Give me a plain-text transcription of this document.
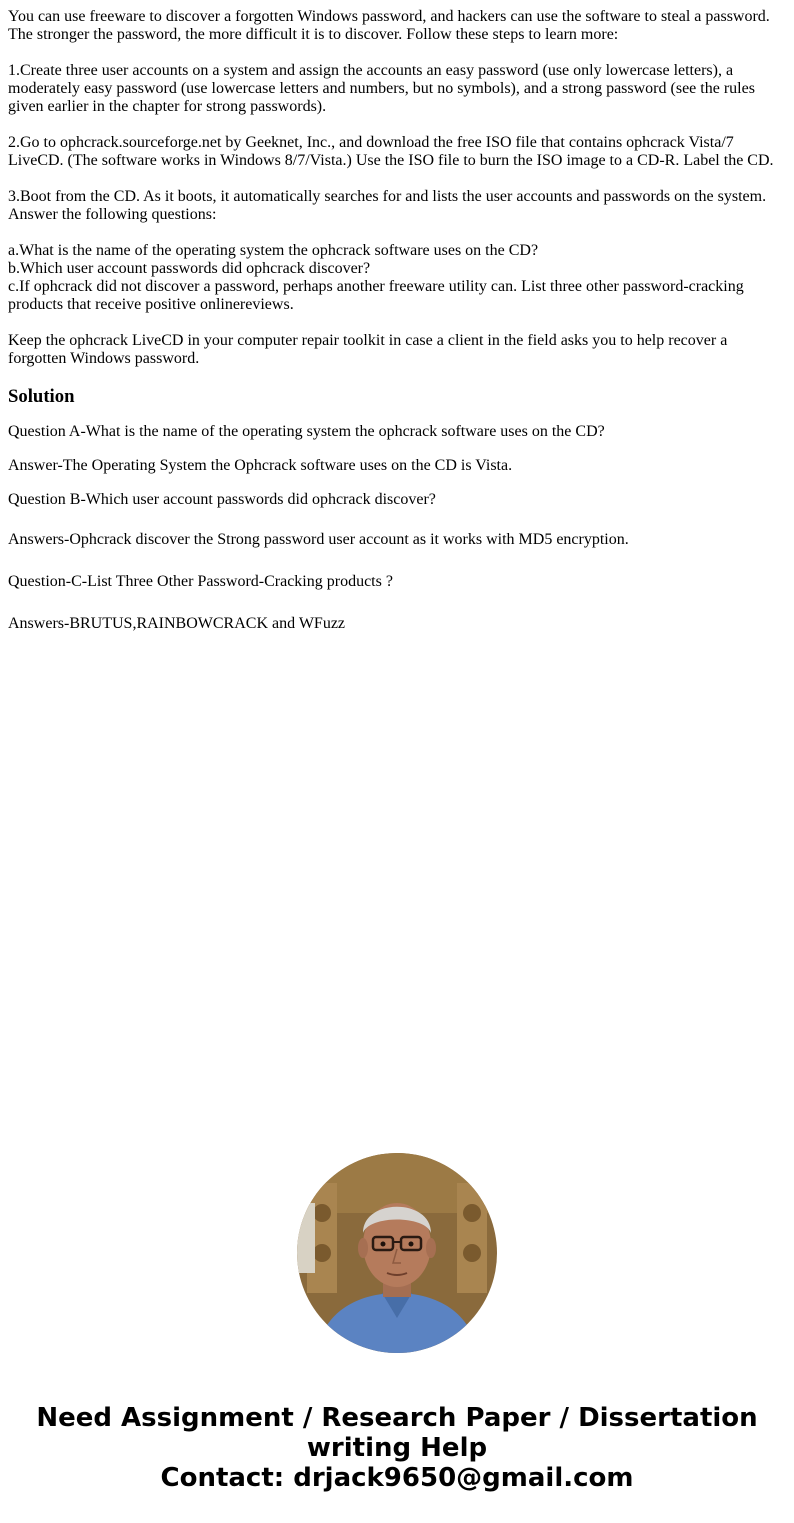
You can use freeware to discover a forgotten Windows password, and hackers can use the software to steal a password. The stronger the password, the more difficult it is to discover. Follow these steps to learn more:

1.Create three user accounts on a system and assign the accounts an easy password (use only lowercase letters), a moderately easy password (use lowercase letters and numbers, but no symbols), and a strong password (see the rules given earlier in the chapter for strong passwords).

2.Go to ophcrack.sourceforge.net by Geeknet, Inc., and download the free ISO file that contains ophcrack Vista/7 LiveCD. (The software works in Windows 8/7/Vista.) Use the ISO file to burn the ISO image to a CD-R. Label the CD.

3.Boot from the CD. As it boots, it automatically searches for and lists the user accounts and passwords on the system. Answer the following questions:

a.What is the name of the operating system the ophcrack software uses on the CD?
b.Which user account passwords did ophcrack discover?
c.If ophcrack did not discover a password, perhaps another freeware utility can. List three other password-cracking products that receive positive onlinereviews.

Keep the ophcrack LiveCD in your computer repair toolkit in case a client in the field asks you to help recover a forgotten Windows password.

Solution

Question A-What is the name of the operating system the ophcrack software uses on the CD?

Answer-The Operating System the Ophcrack software uses on the CD is Vista.

Question B-Which user account passwords did ophcrack discover?

Answers-Ophcrack discover the Strong password user account as it works with MD5 encryption.

Question-C-List Three Other Password-Cracking products ?

Answers-BRUTUS,RAINBOWCRACK and WFuzz

Need Assignment / Research Paper / Dissertation
writing Help
Contact: drjack9650@gmail.com
